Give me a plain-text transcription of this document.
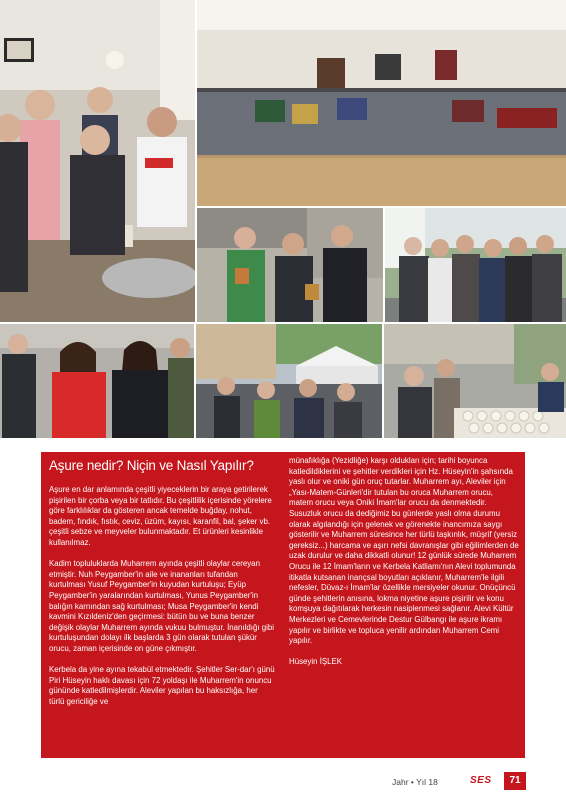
Aşure nedir? Niçin ve Nasıl Yapılır?

Aşure en dar anlamında çeşitli yiyeceklerin bir araya getirilerek pişirilen bir çorba veya bir tatlıdır. Bu çeşitlilik içerisinde yörelere göre farklılıklar da gösteren ancak temelde buğday, nohut, badem, fındık, fıstık, ceviz, üzüm, kayısı, karanfil, bal, şeker vb. çeşitli sebze ve meyveler bulunmaktadır. Et ürünleri kesinlikle kullanılmaz.

Kadim topluluklarda Muharrem ayında çeşitli olaylar cereyan etmiştir. Nuh Peygamber'in aile ve inananları tufandan kurtulması Yusuf Peygamber'in kuyudan kurtuluşu; Eyüp Peygamber'in yaralarından kurtulması, Yunus Peygamber'in balığın karnından sağ kurtulması; Musa Peygamber'in kendi kavmini Kızıldeniz'den geçirmesi: bütün bu ve buna benzer değişik olaylar Muharrem ayında vukuu bulmuştur. İnanıldığı gibi kurtuluşundan dolayı ilk başlarda 3 gün olarak tutulan şükür orucu, zaman içerisinde on güne çıkmıştır.

Kerbela da yine ayına tekabül etmektedir. Şehitler Ser-dar'ı günü Piri Hüseyin haklı davası için 72 yoldaşı ile Muharrem'in onuncu gününde katledilmişlerdir. Aleviler yapılan bu haksızlığa, her türlü gericiliğe ve

münafıklığa (Yezidliğe) karşı oldukları için; tarihi boyunca katledildiklerini ve şehitler verdikleri için Hz. Hüseyin'in şahsında yaslı olur ve oniki gün oruç tutarlar. Muharrem ayı, Aleviler için „Yası-Matem-Günleri'dir tutulan bu oruca Muharrem orucu, matem orucu veya Oniki İmam'lar orucu da denmektedir. Susuzluk orucu da dediğimiz bu günlerde yaslı olma durumu olarak algılandığı için gelenek ve görenekte inancımıza saygı gösterilir ve Muharrem süresince her türlü taşkınlık, müşrif (yersiz gereksiz...) harcama ve aşırı nefsi davranışlar gibi eğilimlerden de uzak durulur ve daha dikkatli olunur! 12 günlük sürede Muharrem Orucu ile 12 İmam'ların ve Kerbela Katliamı'nın Alevi toplumunda itikatla kutsanan inançsal boyutları açıklanır, Muharrem'le ilgili nefesler, Düvaz-ı İmam'lar özellikle mersiyeler okunur. Onüçüncü günde şehitlerin anısına, lokma niyetine aşure pişirilir ve konu komşuya dağıtılarak herkesin nasiplenmesi sağlanır. Alevi Kültür Merkezleri ve Cemevlerinde Destur Gülbangı ile aşure ikramı yapılır ve birlikte ve topluca yenilir ardından Muharrem Cemi yapılır.

Hüseyin İŞLEK

Jahr • Yıl 18	SES	71
